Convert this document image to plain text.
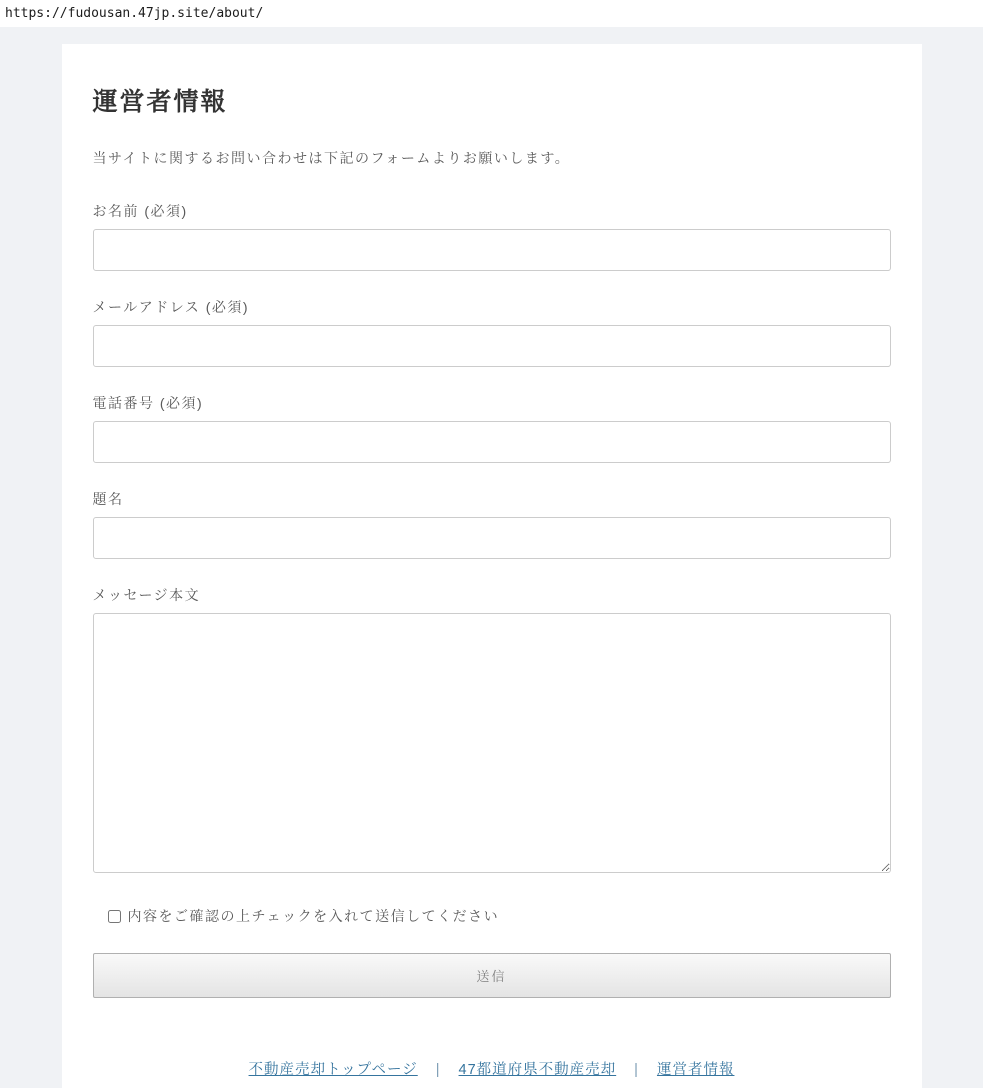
https://fudousan.47jp.site/about/
運営者情報

当サイトに関するお問い合わせは下記のフォームよりお願いします。

お名前 (必須)
メールアドレス (必須)
電話番号 (必須)
題名
メッセージ本文
内容をご確認の上チェックを入れて送信してください
送信
不動産売却トップページ | 47都道府県不動産売却 | 運営者情報
